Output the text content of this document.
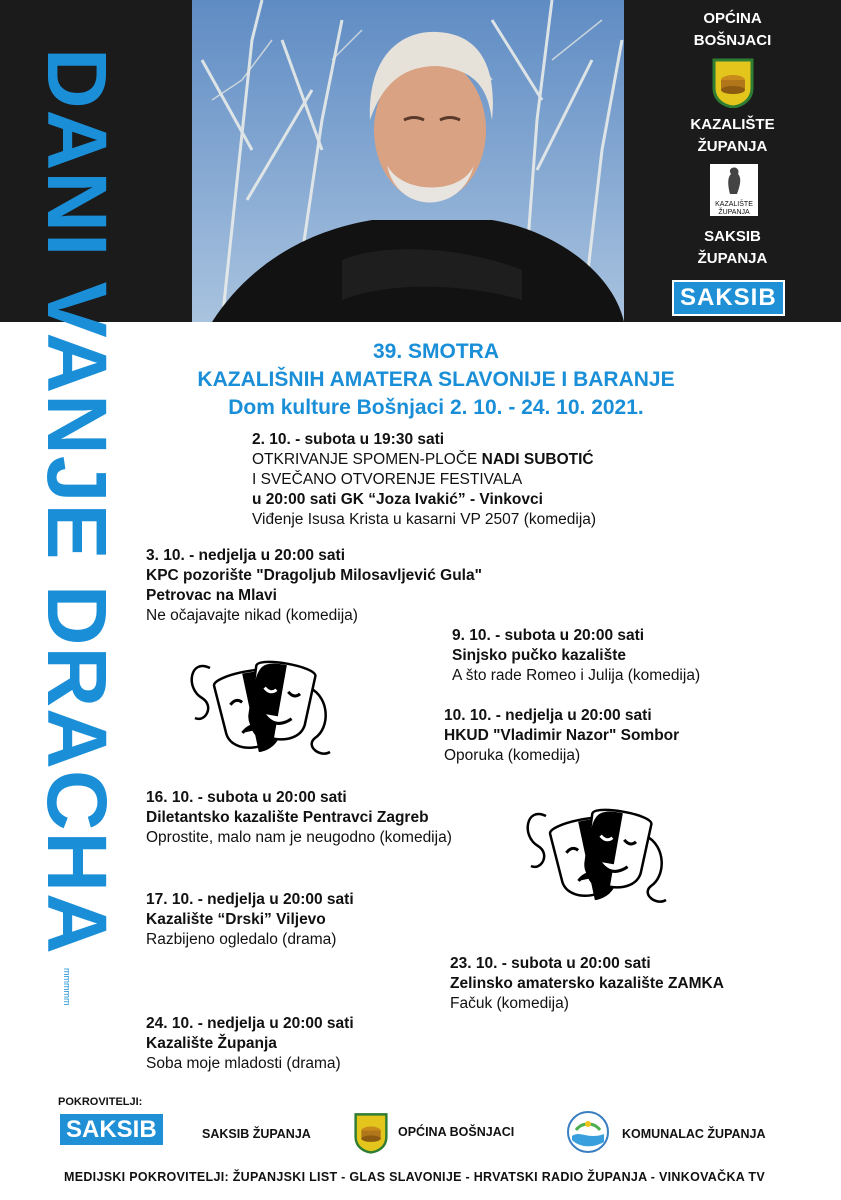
DANI VANJE DRACHA
mmmmm
OPĆINA
BOŠNJACI
KAZALIŠTE
ŽUPANJA
KAZALIŠTE
ŽUPANJA
SAKSIB
ŽUPANJA
SAKSIB
39. SMOTRA
KAZALIŠNIH AMATERA SLAVONIJE I BARANJE
Dom kulture Bošnjaci 2. 10. - 24. 10. 2021.
2. 10. - subota u 19:30 sati
OTKRIVANJE SPOMEN-PLOČE NADI SUBOTIĆ
I SVEČANO OTVORENJE FESTIVALA
u 20:00 sati GK “Joza Ivakić” - Vinkovci
Viđenje Isusa Krista u kasarni VP 2507 (komedija)
3. 10. - nedjelja u 20:00 sati
KPC pozorište "Dragoljub Milosavljević Gula"
Petrovac na Mlavi
Ne očajavajte nikad (komedija)
9. 10. - subota u 20:00 sati
Sinjsko pučko kazalište
A što rade Romeo i Julija (komedija)
10. 10. - nedjelja u 20:00 sati
HKUD "Vladimir Nazor" Sombor
Oporuka (komedija)
16. 10. - subota u 20:00 sati
Diletantsko kazalište Pentravci Zagreb
Oprostite, malo nam je neugodno (komedija)
17. 10. - nedjelja u 20:00 sati
Kazalište “Drski” Viljevo
Razbijeno ogledalo (drama)
23. 10. - subota u 20:00 sati
Zelinsko amatersko kazalište ZAMKA
Fačuk (komedija)
24. 10. - nedjelja u 20:00 sati
Kazalište Županja
Soba moje mladosti (drama)
POKROVITELJI:
SAKSIB	SAKSIB ŽUPANJA	OPĆINA BOŠNJACI	KOMUNALAC ŽUPANJA
MEDIJSKI POKROVITELJI: ŽUPANJSKI LIST - GLAS SLAVONIJE - HRVATSKI RADIO ŽUPANJA - VINKOVAČKA TV
